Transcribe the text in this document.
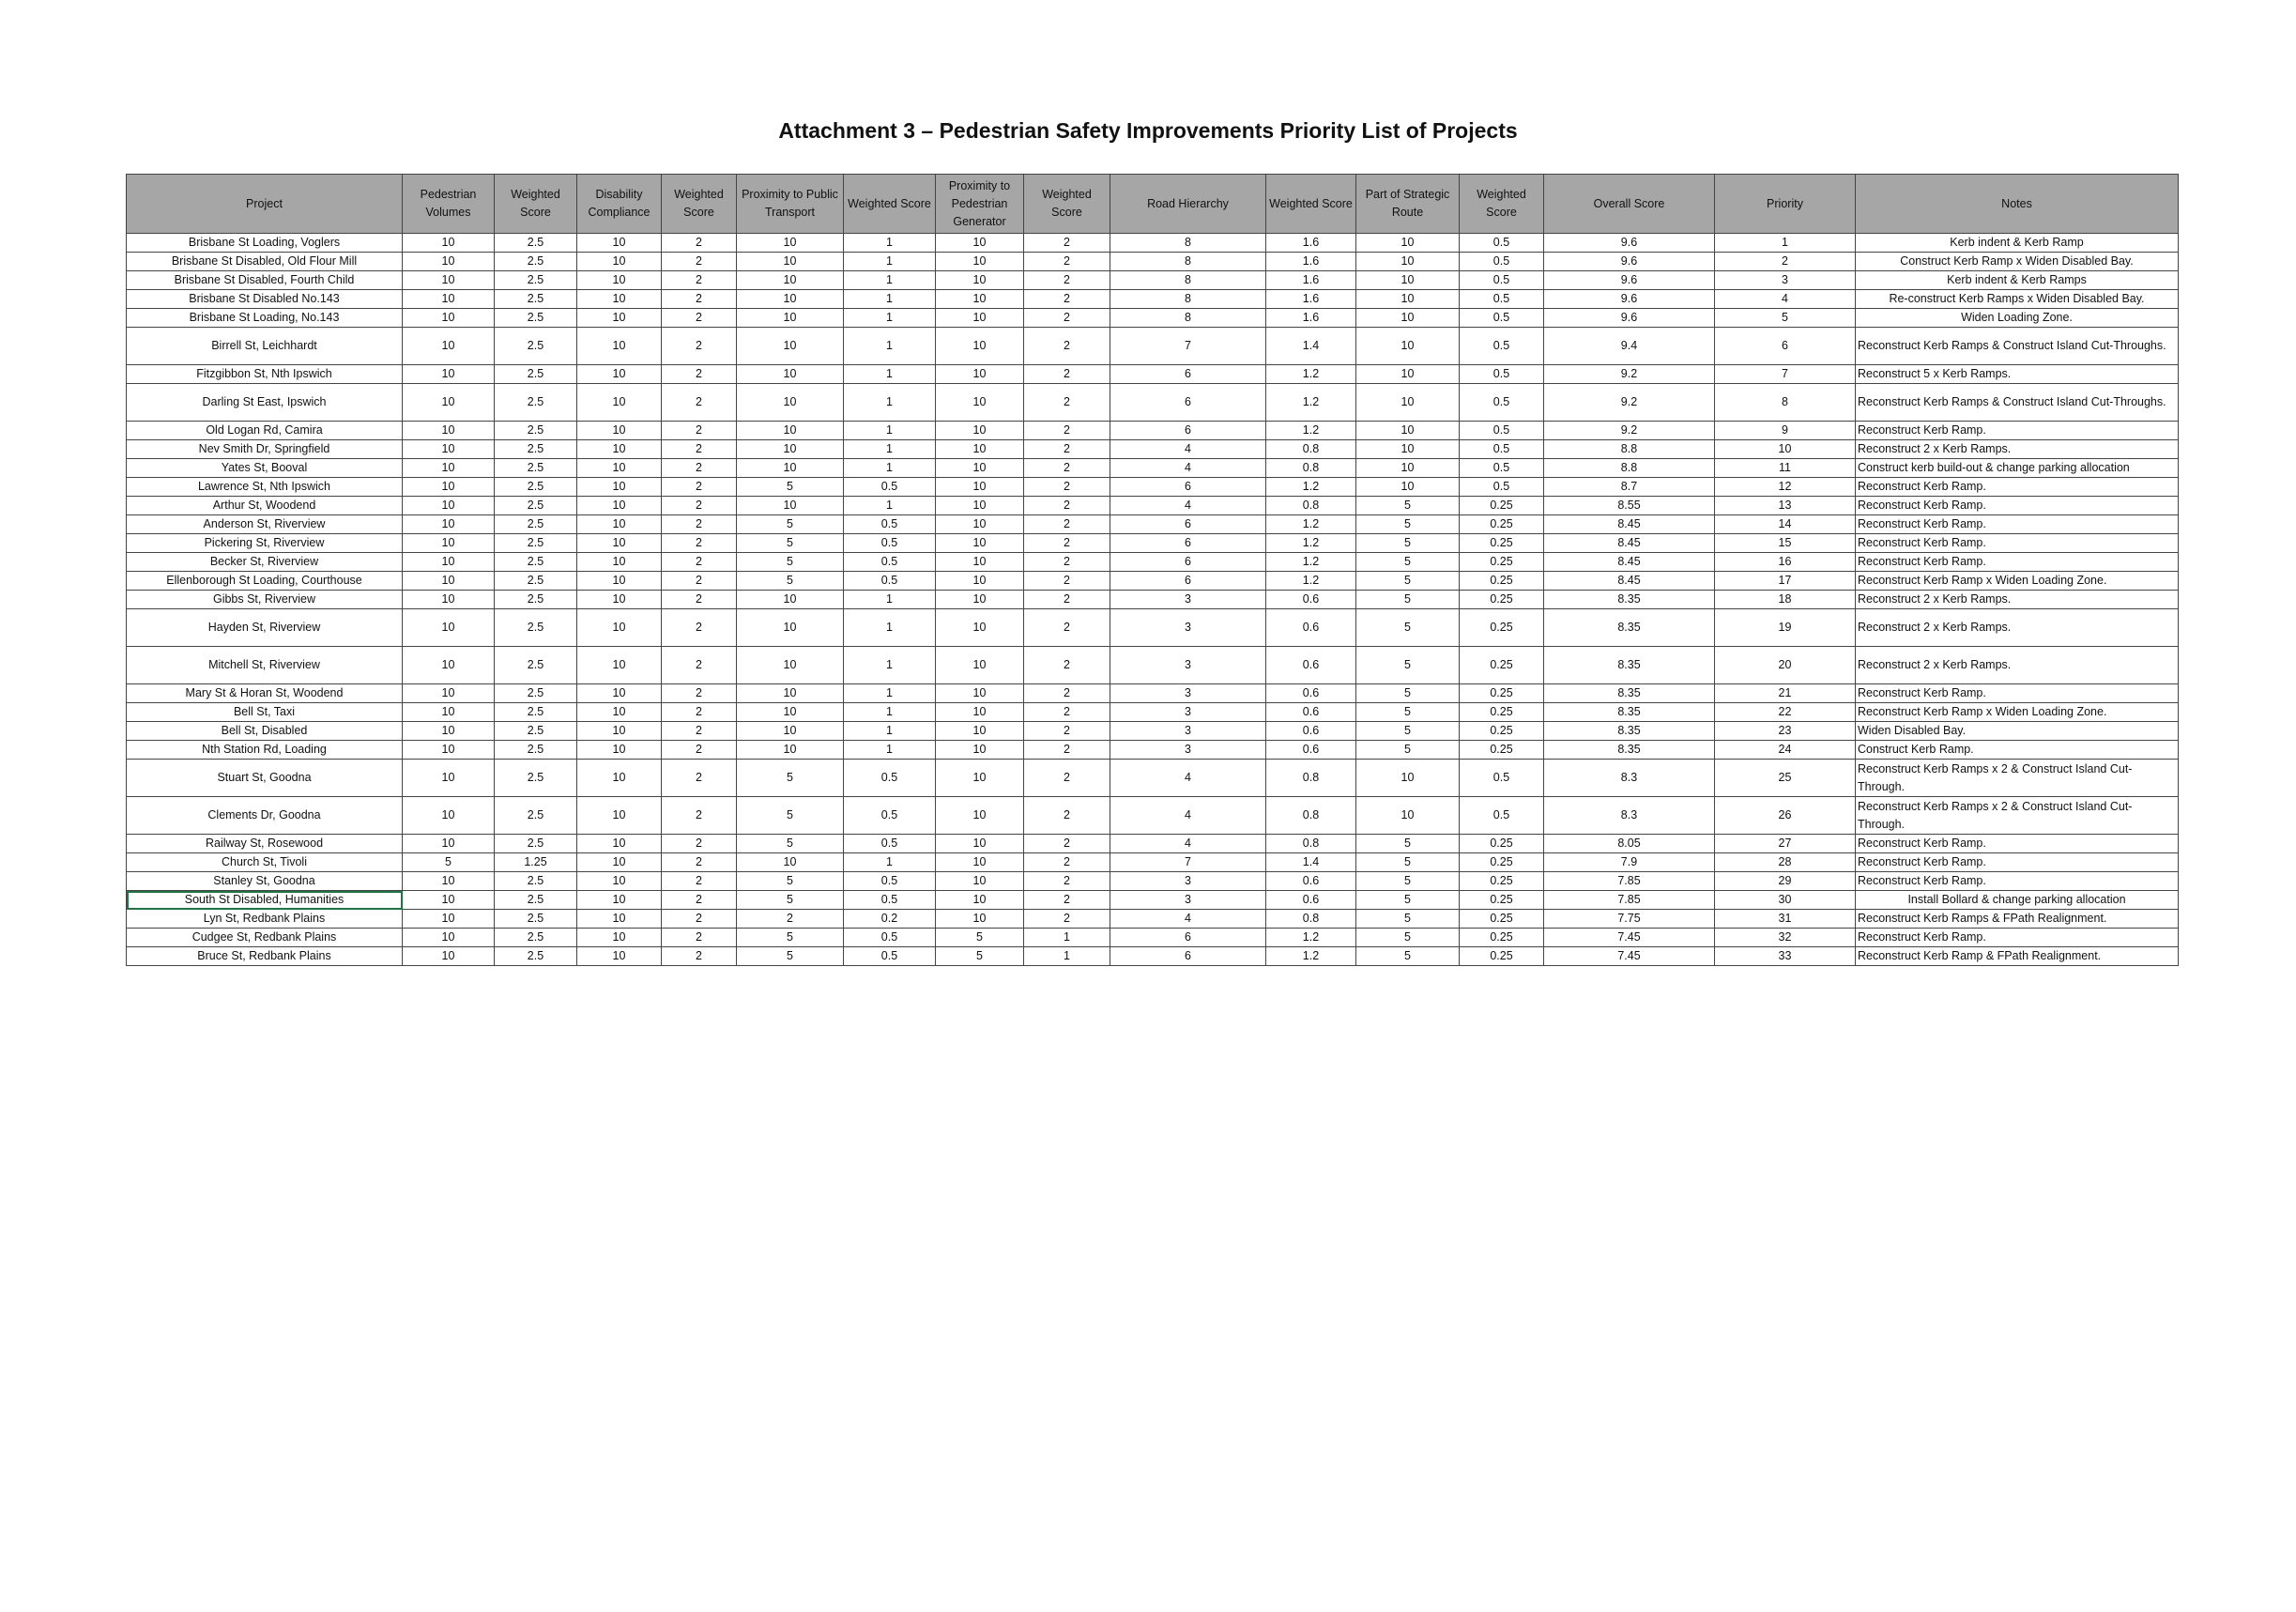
Attachment 3 – Pedestrian Safety Improvements Priority List of Projects
Project	Pedestrian Volumes	Weighted Score	Disability Compliance	Weighted Score	Proximity to Public Transport	Weighted Score	Proximity to Pedestrian Generator	Weighted Score	Road Hierarchy	Weighted Score	Part of Strategic Route	Weighted Score	Overall Score	Priority	Notes
Brisbane St Loading, Voglers	10	2.5	10	2	10	1	10	2	8	1.6	10	0.5	9.6	1	Kerb indent & Kerb Ramp
Brisbane St Disabled, Old Flour Mill	10	2.5	10	2	10	1	10	2	8	1.6	10	0.5	9.6	2	Construct Kerb Ramp x Widen Disabled Bay.
Brisbane St Disabled, Fourth Child	10	2.5	10	2	10	1	10	2	8	1.6	10	0.5	9.6	3	Kerb indent & Kerb Ramps
Brisbane St Disabled No.143	10	2.5	10	2	10	1	10	2	8	1.6	10	0.5	9.6	4	Re-construct Kerb Ramps x Widen Disabled Bay.
Brisbane St Loading, No.143	10	2.5	10	2	10	1	10	2	8	1.6	10	0.5	9.6	5	Widen Loading Zone.
Birrell St, Leichhardt	10	2.5	10	2	10	1	10	2	7	1.4	10	0.5	9.4	6	Reconstruct Kerb Ramps & Construct Island Cut-Throughs.
Fitzgibbon St, Nth Ipswich	10	2.5	10	2	10	1	10	2	6	1.2	10	0.5	9.2	7	Reconstruct 5 x Kerb Ramps.
Darling St East, Ipswich	10	2.5	10	2	10	1	10	2	6	1.2	10	0.5	9.2	8	Reconstruct Kerb Ramps & Construct Island Cut-Throughs.
Old Logan Rd, Camira	10	2.5	10	2	10	1	10	2	6	1.2	10	0.5	9.2	9	Reconstruct Kerb Ramp.
Nev Smith Dr, Springfield	10	2.5	10	2	10	1	10	2	4	0.8	10	0.5	8.8	10	Reconstruct 2 x Kerb Ramps.
Yates St, Booval	10	2.5	10	2	10	1	10	2	4	0.8	10	0.5	8.8	11	Construct kerb build-out & change parking allocation
Lawrence St, Nth Ipswich	10	2.5	10	2	5	0.5	10	2	6	1.2	10	0.5	8.7	12	Reconstruct Kerb Ramp.
Arthur St, Woodend	10	2.5	10	2	10	1	10	2	4	0.8	5	0.25	8.55	13	Reconstruct Kerb Ramp.
Anderson St, Riverview	10	2.5	10	2	5	0.5	10	2	6	1.2	5	0.25	8.45	14	Reconstruct Kerb Ramp.
Pickering St, Riverview	10	2.5	10	2	5	0.5	10	2	6	1.2	5	0.25	8.45	15	Reconstruct Kerb Ramp.
Becker St, Riverview	10	2.5	10	2	5	0.5	10	2	6	1.2	5	0.25	8.45	16	Reconstruct Kerb Ramp.
Ellenborough St Loading, Courthouse	10	2.5	10	2	5	0.5	10	2	6	1.2	5	0.25	8.45	17	Reconstruct Kerb Ramp x Widen Loading Zone.
Gibbs St, Riverview	10	2.5	10	2	10	1	10	2	3	0.6	5	0.25	8.35	18	Reconstruct 2 x Kerb Ramps.
Hayden St, Riverview	10	2.5	10	2	10	1	10	2	3	0.6	5	0.25	8.35	19	Reconstruct 2 x Kerb Ramps.
Mitchell St, Riverview	10	2.5	10	2	10	1	10	2	3	0.6	5	0.25	8.35	20	Reconstruct 2 x Kerb Ramps.
Mary St & Horan St, Woodend	10	2.5	10	2	10	1	10	2	3	0.6	5	0.25	8.35	21	Reconstruct Kerb Ramp.
Bell St, Taxi	10	2.5	10	2	10	1	10	2	3	0.6	5	0.25	8.35	22	Reconstruct Kerb Ramp x Widen Loading Zone.
Bell St, Disabled	10	2.5	10	2	10	1	10	2	3	0.6	5	0.25	8.35	23	Widen Disabled Bay.
Nth Station Rd, Loading	10	2.5	10	2	10	1	10	2	3	0.6	5	0.25	8.35	24	Construct Kerb Ramp.
Stuart St, Goodna	10	2.5	10	2	5	0.5	10	2	4	0.8	10	0.5	8.3	25	Reconstruct Kerb Ramps x 2 & Construct Island Cut-Through.
Clements Dr, Goodna	10	2.5	10	2	5	0.5	10	2	4	0.8	10	0.5	8.3	26	Reconstruct Kerb Ramps x 2 & Construct Island Cut-Through.
Railway St, Rosewood	10	2.5	10	2	5	0.5	10	2	4	0.8	5	0.25	8.05	27	Reconstruct Kerb Ramp.
Church St, Tivoli	5	1.25	10	2	10	1	10	2	7	1.4	5	0.25	7.9	28	Reconstruct Kerb Ramp.
Stanley St, Goodna	10	2.5	10	2	5	0.5	10	2	3	0.6	5	0.25	7.85	29	Reconstruct Kerb Ramp.
South St Disabled, Humanities	10	2.5	10	2	5	0.5	10	2	3	0.6	5	0.25	7.85	30	Install Bollard & change parking allocation
Lyn St, Redbank Plains	10	2.5	10	2	2	0.2	10	2	4	0.8	5	0.25	7.75	31	Reconstruct Kerb Ramps & FPath Realignment.
Cudgee St, Redbank Plains	10	2.5	10	2	5	0.5	5	1	6	1.2	5	0.25	7.45	32	Reconstruct Kerb Ramp.
Bruce St, Redbank Plains	10	2.5	10	2	5	0.5	5	1	6	1.2	5	0.25	7.45	33	Reconstruct Kerb Ramp & FPath Realignment.
